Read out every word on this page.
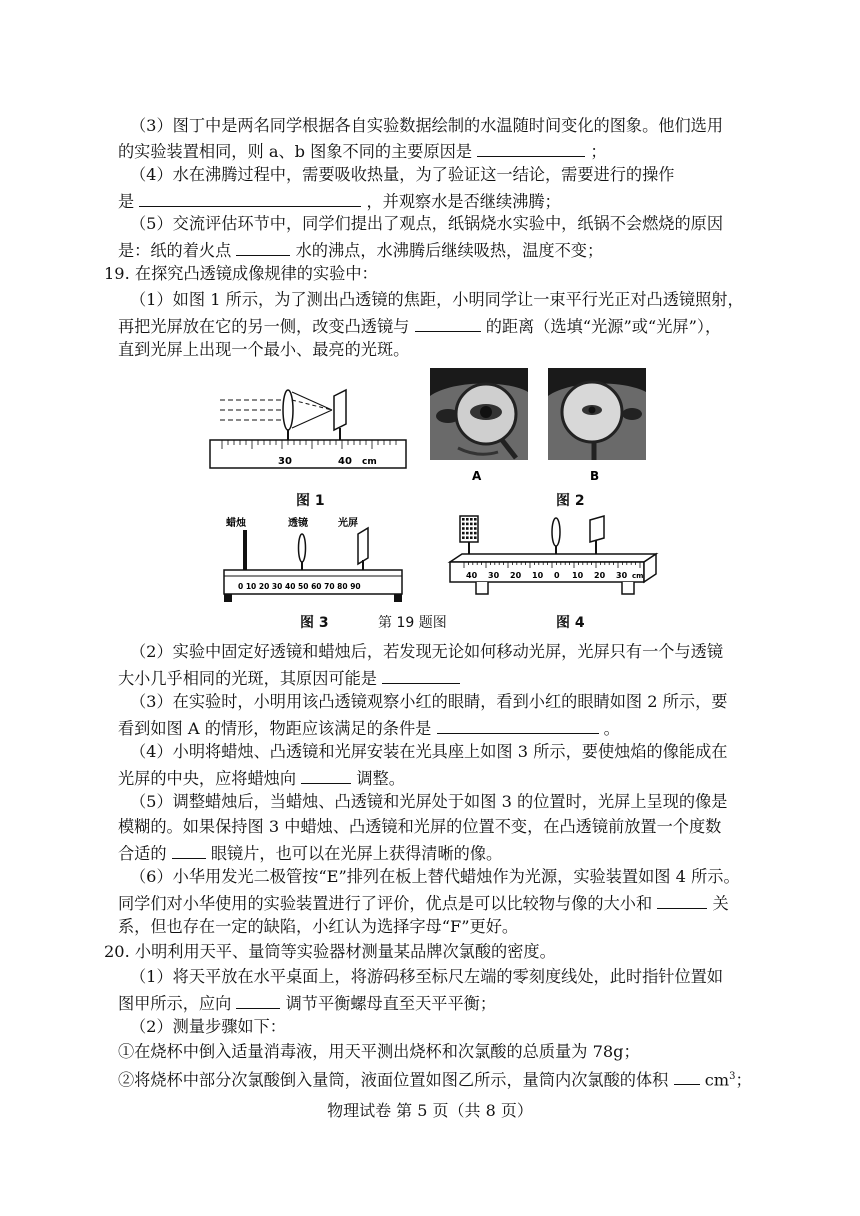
（3）图丁中是两名同学根据各自实验数据绘制的水温随时间变化的图象。他们选用
的实验装置相同，则 a、b 图象不同的主要原因是	；
（4）水在沸腾过程中，需要吸收热量，为了验证这一结论，需要进行的操作
是	，并观察水是否继续沸腾；
（5）交流评估环节中，同学们提出了观点，纸锅烧水实验中，纸锅不会燃烧的原因
是：纸的着火点	水的沸点，水沸腾后继续吸热，温度不变；
19. 在探究凸透镜成像规律的实验中：
（1）如图 1 所示，为了测出凸透镜的焦距，小明同学让一束平行光正对凸透镜照射，
再把光屏放在它的另一侧，改变凸透镜与	的距离（选填“光源”或“光屏”），
直到光屏上出现一个最小、最亮的光斑。
30	40 cm
图 1
A	B
图 2
蜡烛	透镜	光屏
0 10 20 30 40 50 60 70 80 90
图 3	第 19 题图
40 30 20 10 0 10 20 30 cm
图 4
（2）实验中固定好透镜和蜡烛后，若发现无论如何移动光屏，光屏只有一个与透镜
大小几乎相同的光斑，其原因可能是
（3）在实验时，小明用该凸透镜观察小红的眼睛，看到小红的眼睛如图 2 所示，要
看到如图 A 的情形，物距应该满足的条件是	。
（4）小明将蜡烛、凸透镜和光屏安装在光具座上如图 3 所示，要使烛焰的像能成在
光屏的中央，应将蜡烛向	调整。
（5）调整蜡烛后，当蜡烛、凸透镜和光屏处于如图 3 的位置时，光屏上呈现的像是
模糊的。如果保持图 3 中蜡烛、凸透镜和光屏的位置不变，在凸透镜前放置一个度数
合适的	眼镜片，也可以在光屏上获得清晰的像。
（6）小华用发光二极管按“E”排列在板上替代蜡烛作为光源，实验装置如图 4 所示。
同学们对小华使用的实验装置进行了评价，优点是可以比较物与像的大小和	关
系，但也存在一定的缺陷，小红认为选择字母“F”更好。
20. 小明利用天平、量筒等实验器材测量某品牌次氯酸的密度。
（1）将天平放在水平桌面上，将游码移至标尺左端的零刻度线处，此时指针位置如
图甲所示，应向	调节平衡螺母直至天平平衡；
（2）测量步骤如下：
①在烧杯中倒入适量消毒液，用天平测出烧杯和次氯酸的总质量为 78g；
②将烧杯中部分次氯酸倒入量筒，液面位置如图乙所示，量筒内次氯酸的体积 $cm^3$；
物理试卷 第 5 页（共 8 页）
